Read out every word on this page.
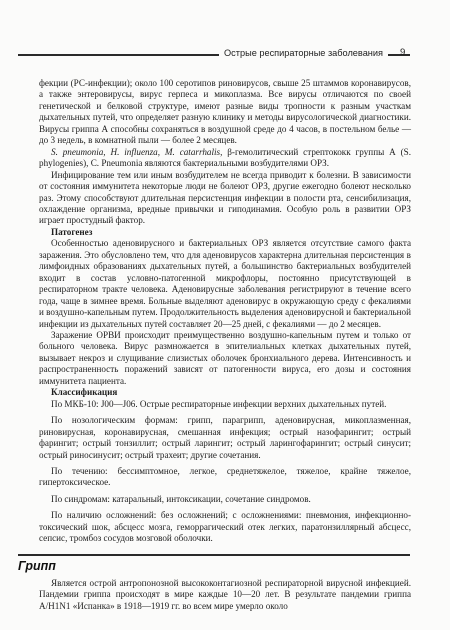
Острые респираторные заболевания	9

фекции (РС-инфекции); около 100 серотипов риновирусов, свыше 25 штаммов коронавирусов, а также энтеровирусы, вирус герпеса и микоплазма. Все вирусы отличаются по своей генетической и белковой структуре, имеют разные виды тропности к разным участкам дыхательных путей, что определяет разную клинику и методы вирусологической диагностики. Вирусы гриппа А способны сохраняться в воздушной среде до 4 часов, в постельном белье — до 3 недель, в комнатной пыли — более 2 месяцев.

S. pneumonia, H. influenza, M. catarrhalis, β-гемолитический стрептококк группы А (S. phylogenies), C. Pneumonia являются бактериальными возбудителями ОРЗ.

Инфицирование тем или иным возбудителем не всегда приводит к болезни. В зависимости от состояния иммунитета некоторые люди не болеют ОРЗ, другие ежегодно болеют несколько раз. Этому способствуют длительная персистенция инфекции в полости рта, сенсибилизация, охлаждение организма, вредные привычки и гиподинамия. Особую роль в развитии ОРЗ играет простудный фактор.

Патогенез

Особенностью аденовирусного и бактериальных ОРЗ является отсутствие самого факта заражения. Это обусловлено тем, что для аденовирусов характерна длительная персистенция в лимфоидных образованиях дыхательных путей, а большинство бактериальных возбудителей входит в состав условно-патогенной микрофлоры, постоянно присутствующей в респираторном тракте человека. Аденовирусные заболевания регистрируют в течение всего года, чаще в зимнее время. Больные выделяют аденовирус в окружающую среду с фекалиями и воздушно-капельным путем. Продолжительность выделения аденовирусной и бактериальной инфекции из дыхательных путей составляет 20—25 дней, с фекалиями — до 2 месяцев.

Заражение ОРВИ происходит преимущественно воздушно-капельным путем и только от больного человека. Вирус размножается в эпителиальных клетках дыхательных путей, вызывает некроз и слущивание слизистых оболочек бронхиального дерева. Интенсивность и распространенность поражений зависят от патогенности вируса, его дозы и состояния иммунитета пациента.

Классификация

По МКБ-10: J00—J06. Острые респираторные инфекции верхних дыхательных путей.

По нозологическим формам: грипп, парагрипп, аденовирусная, микоплазменная, риновирусная, коронавирусная, смешанная инфекция; острый назофарингит; острый фарингит; острый тонзиллит; острый ларингит; острый ларингофарингит; острый синусит; острый риносинусит; острый трахеит; другие сочетания.

По течению: бессимптомное, легкое, среднетяжелое, тяжелое, крайне тяжелое, гипертоксическое.

По синдромам: катаральный, интоксикации, сочетание синдромов.

По наличию осложнений: без осложнений; с осложнениями: пневмония, инфекционно-токсический шок, абсцесс мозга, геморрагический отек легких, паратонзиллярный абсцесс, сепсис, тромбоз сосудов мозговой оболочки.

Грипп

Является острой антропонозной высококонтагиозной респираторной вирусной инфекцией. Пандемии гриппа происходят в мире каждые 10—20 лет. В результате пандемии гриппа A/H1N1 «Испанка» в 1918—1919 гг. во всем мире умерло около
